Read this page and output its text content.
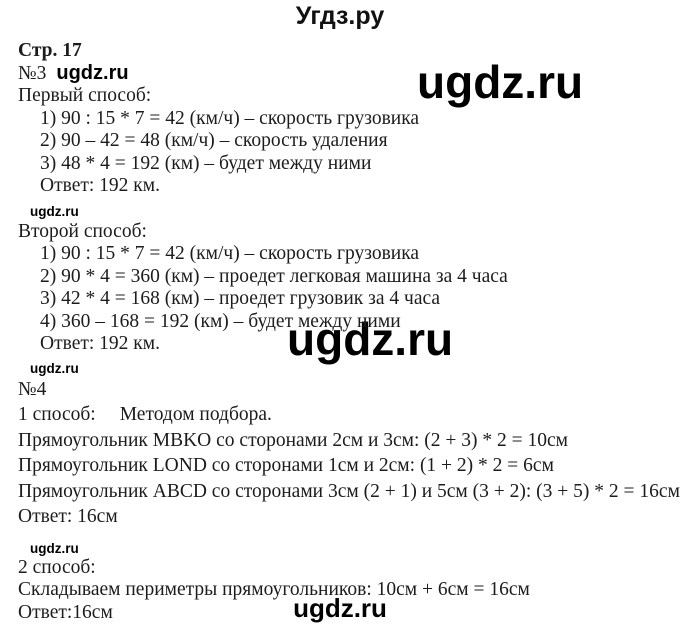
Угдз.ру
ugdz.ru
ugdz.ru

Стр. 17

№3 ugdz.ru

Первый способ:

1) 90 : 15 * 7 = 42 (км/ч) – скорость грузовика

2) 90 – 42 = 48 (км/ч) – скорость удаления

3) 48 * 4 = 192 (км) – будет между ними

Ответ: 192 км.

ugdz.ru

Второй способ:

1) 90 : 15 * 7 = 42 (км/ч) – скорость грузовика

2) 90 * 4 = 360 (км) – проедет легковая машина за 4 часа

3) 42 * 4 = 168 (км) – проедет грузовик за 4 часа

4) 360 – 168 = 192 (км) – будет между ними

Ответ: 192 км.

ugdz.ru

№4

1 способ: Методом подбора.

Прямоугольник MBKO со сторонами 2см и 3см: (2 + 3) * 2 = 10см

Прямоугольник LOND со сторонами 1см и 2см: (1 + 2) * 2 = 6см

Прямоугольник ABCD со сторонами 3см (2 + 1) и 5см (3 + 2): (3 + 5) * 2 = 16см

Ответ: 16см

ugdz.ru

2 способ:

Складываем периметры прямоугольников: 10см + 6см = 16см

Ответ:16см	ugdz.ru
